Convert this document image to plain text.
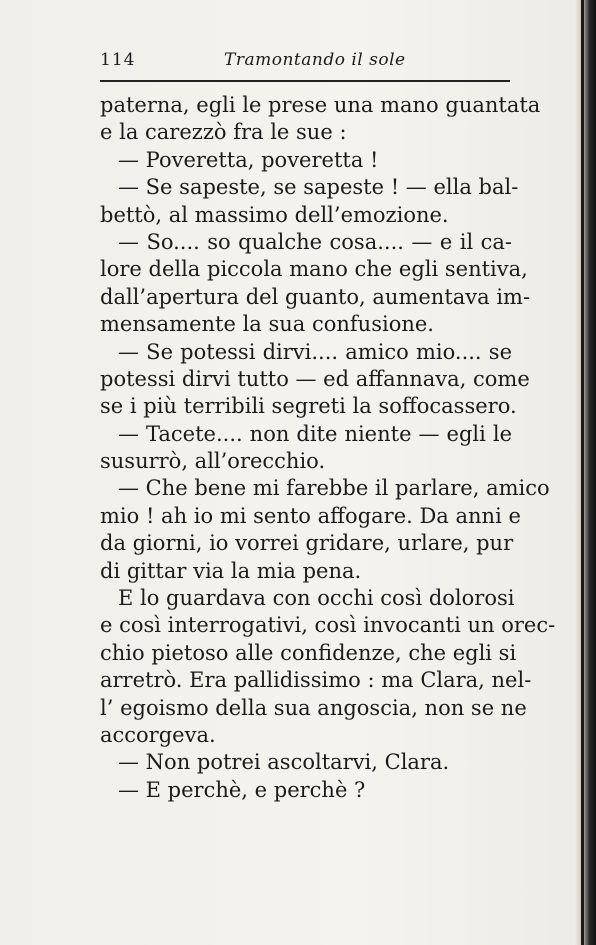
114	Tramontando il sole
paterna, egli le prese una mano guantata
e la carezzò fra le sue :
— Poveretta, poveretta !
— Se sapeste, se sapeste ! — ella bal-
bettò, al massimo dell’emozione.
— So.... so qualche cosa.... — e il ca-
lore della piccola mano che egli sentiva,
dall’apertura del guanto, aumentava im-
mensamente la sua confusione.
— Se potessi dirvi.... amico mio.... se
potessi dirvi tutto — ed affannava, come
se i più terribili segreti la soffocassero.
— Tacete.... non dite niente — egli le
susurrò, all’orecchio.
— Che bene mi farebbe il parlare, amico
mio ! ah io mi sento affogare. Da anni e
da giorni, io vorrei gridare, urlare, pur
di gittar via la mia pena.
E lo guardava con occhi così dolorosi
e così interrogativi, così invocanti un orec-
chio pietoso alle confidenze, che egli si
arretrò. Era pallidissimo : ma Clara, nel-
l’ egoismo della sua angoscia, non se ne
accorgeva.
— Non potrei ascoltarvi, Clara.
— E perchè, e perchè ?
